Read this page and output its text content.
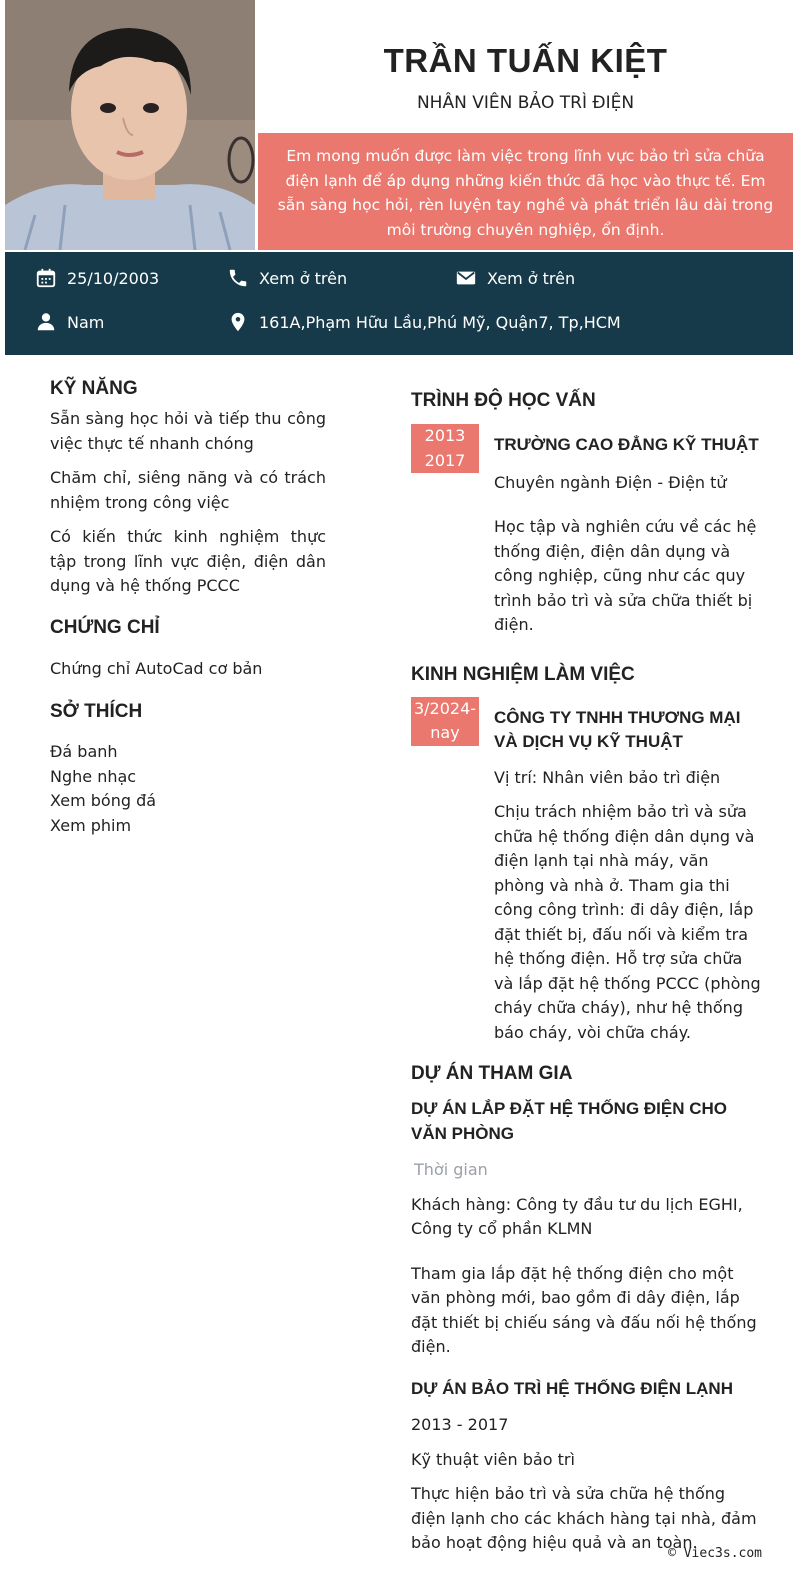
TRẦN TUẤN KIỆT
NHÂN VIÊN BẢO TRÌ ĐIỆN
Em mong muốn được làm việc trong lĩnh vực bảo trì sửa chữa điện lạnh để áp dụng những kiến thức đã học vào thực tế. Em sẵn sàng học hỏi, rèn luyện tay nghề và phát triển lâu dài trong môi trường chuyên nghiệp, ổn định.
25/10/2003	Xem ở trên	Xem ở trên
Nam	161A,Phạm Hữu Lầu,Phú Mỹ, Quận7, Tp,HCM
KỸ NĂNG

Sẵn sàng học hỏi và tiếp thu công việc thực tế nhanh chóng

Chăm chỉ, siêng năng và có trách nhiệm trong công việc

Có kiến thức kinh nghiệm thực tập trong lĩnh vực điện, điện dân dụng và hệ thống PCCC

CHỨNG CHỈ

Chứng chỉ AutoCad cơ bản

SỞ THÍCH

Đá banh

Nghe nhạc

Xem bóng đá

Xem phim

TRÌNH ĐỘ HỌC VẤN
2013
2017

TRƯỜNG CAO ĐẲNG KỸ THUẬT

Chuyên ngành Điện - Điện tử

Học tập và nghiên cứu về các hệ thống điện, điện dân dụng và công nghiệp, cũng như các quy trình bảo trì và sửa chữa thiết bị điện.

KINH NGHIỆM LÀM VIỆC
3/2024-
nay

CÔNG TY TNHH THƯƠNG MẠI VÀ DỊCH VỤ KỸ THUẬT

Vị trí: Nhân viên bảo trì điện

Chịu trách nhiệm bảo trì và sửa chữa hệ thống điện dân dụng và điện lạnh tại nhà máy, văn phòng và nhà ở. Tham gia thi công công trình: đi dây điện, lắp đặt thiết bị, đấu nối và kiểm tra hệ thống điện. Hỗ trợ sửa chữa và lắp đặt hệ thống PCCC (phòng cháy chữa cháy), như hệ thống báo cháy, vòi chữa cháy.

DỰ ÁN THAM GIA

DỰ ÁN LẮP ĐẶT HỆ THỐNG ĐIỆN CHO VĂN PHÒNG

Thời gian

Khách hàng: Công ty đầu tư du lịch EGHI, Công ty cổ phần KLMN

Tham gia lắp đặt hệ thống điện cho một văn phòng mới, bao gồm đi dây điện, lắp đặt thiết bị chiếu sáng và đấu nối hệ thống điện.

DỰ ÁN BẢO TRÌ HỆ THỐNG ĐIỆN LẠNH

2013 - 2017

Kỹ thuật viên bảo trì

Thực hiện bảo trì và sửa chữa hệ thống điện lạnh cho các khách hàng tại nhà, đảm bảo hoạt động hiệu quả và an toàn.

© Viec3s.com
